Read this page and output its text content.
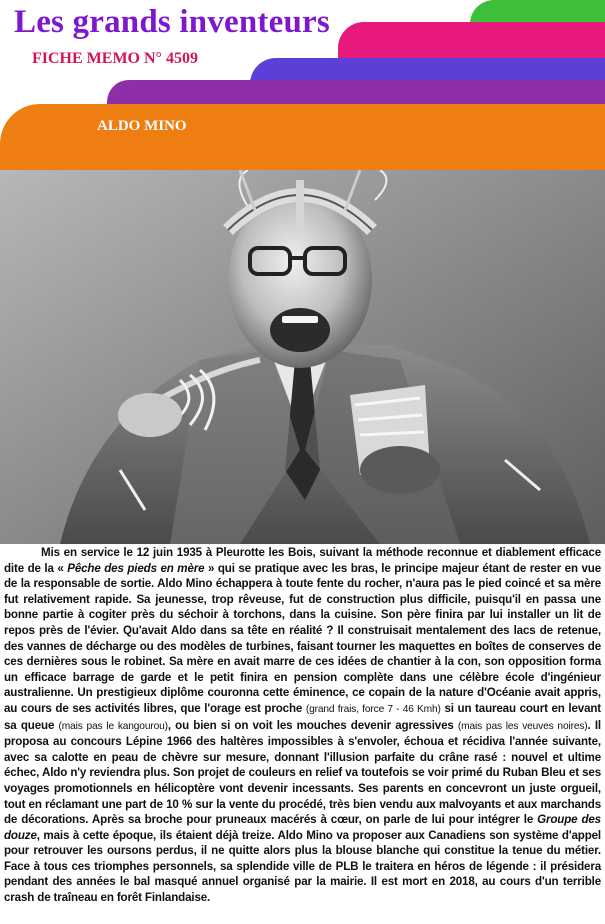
Les grands inventeurs
FICHE MEMO N° 4509
ALDO MINO

Mis en service le 12 juin 1935 à Pleurotte les Bois, suivant la méthode reconnue et diablement efficace dite de la « Pêche des pieds en mère » qui se pratique avec les bras, le principe majeur étant de rester en vue de la responsable de sortie. Aldo Mino échappera à toute fente du rocher, n'aura pas le pied coincé et sa mère fut relativement rapide. Sa jeunesse, trop rêveuse, fut de construction plus difficile, puisqu'il en passa une bonne partie à cogiter près du séchoir à torchons, dans la cuisine. Son père finira par lui installer un lit de repos près de l'évier. Qu'avait Aldo dans sa tête en réalité ? Il construisait mentalement des lacs de retenue, des vannes de décharge ou des modèles de turbines, faisant tourner les maquettes en boîtes de conserves de ces dernières sous le robinet. Sa mère en avait marre de ces idées de chantier à la con, son opposition forma un efficace barrage de garde et le petit finira en pension complète dans une célèbre école d'ingénieur australienne. Un prestigieux diplôme couronna cette éminence, ce copain de la nature d'Océanie avait appris, au cours de ses activités libres, que l'orage est proche (grand frais, force 7 - 46 Kmh) si un taureau court en levant sa queue (mais pas le kangourou), ou bien si on voit les mouches devenir agressives (mais pas les veuves noires). Il proposa au concours Lépine 1966 des haltères impossibles à s'envoler, échoua et récidiva l'année suivante, avec sa calotte en peau de chèvre sur mesure, donnant l'illusion parfaite du crâne rasé : nouvel et ultime échec, Aldo n'y reviendra plus. Son projet de couleurs en relief va toutefois se voir primé du Ruban Bleu et ses voyages promotionnels en hélicoptère vont devenir incessants. Ses parents en concevront un juste orgueil, tout en réclamant une part de 10 % sur la vente du procédé, très bien vendu aux malvoyants et aux marchands de décorations. Après sa broche pour pruneaux macérés à cœur, on parle de lui pour intégrer le Groupe des douze, mais à cette époque, ils étaient déjà treize. Aldo Mino va proposer aux Canadiens son système d'appel pour retrouver les oursons perdus, il ne quitte alors plus la blouse blanche qui constitue la tenue du métier. Face à tous ces triomphes personnels, sa splendide ville de PLB le traitera en héros de légende : il présidera pendant des années le bal masqué annuel organisé par la mairie. Il est mort en 2018, au cours d'un terrible crash de traîneau en forêt Finlandaise.
